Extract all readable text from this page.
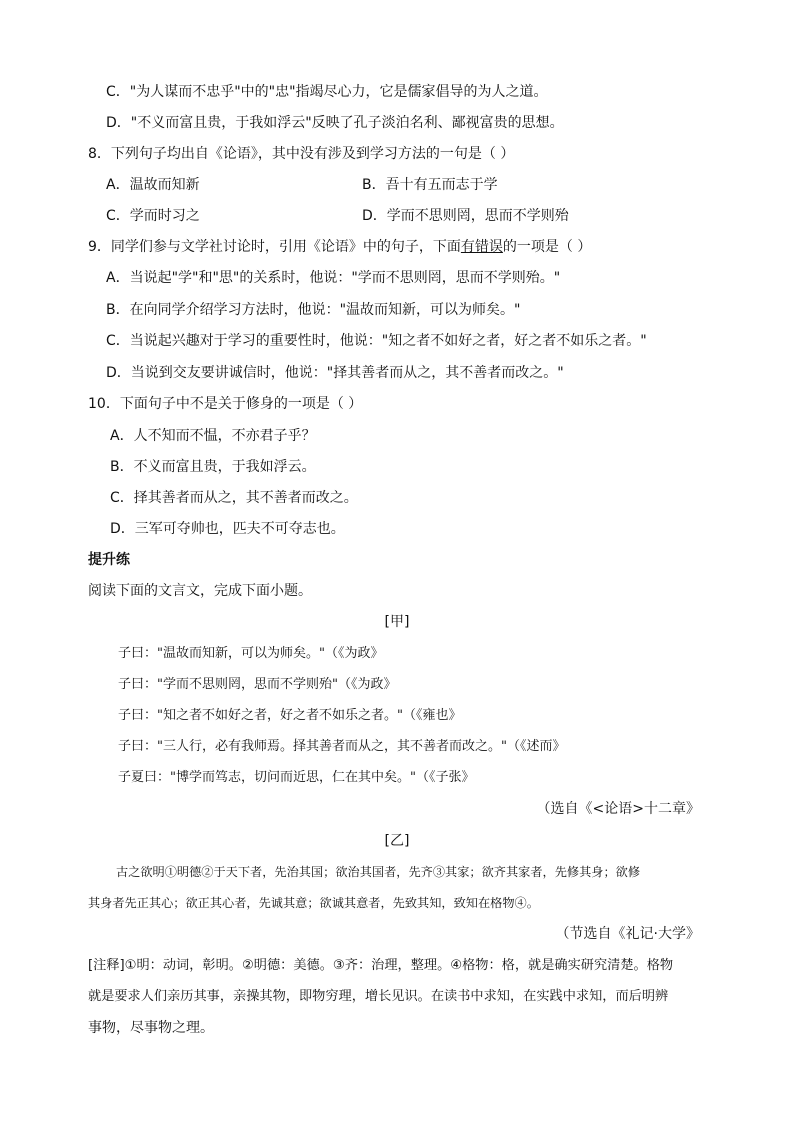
C．"为人谋而不忠乎"中的"忠"指竭尽心力，它是儒家倡导的为人之道。
D．"不义而富且贵，于我如浮云"反映了孔子淡泊名利、鄙视富贵的思想。
8．下列句子均出自《论语》，其中没有涉及到学习方法的一句是（ ）
A．温故而知新	B．吾十有五而志于学
C．学而时习之	D．学而不思则罔，思而不学则殆
9．同学们参与文学社讨论时，引用《论语》中的句子，下面有错误的一项是（ ）
A．当说起"学"和"思"的关系时，他说："学而不思则罔，思而不学则殆。"
B．在向同学介绍学习方法时，他说："温故而知新，可以为师矣。"
C．当说起兴趣对于学习的重要性时，他说："知之者不如好之者，好之者不如乐之者。"
D．当说到交友要讲诚信时，他说："择其善者而从之，其不善者而改之。"
10．下面句子中不是关于修身的一项是（ ）
A．人不知而不愠，不亦君子乎？
B．不义而富且贵，于我如浮云。
C．择其善者而从之，其不善者而改之。
D．三军可夺帅也，匹夫不可夺志也。
提升练
阅读下面的文言文，完成下面小题。
[甲]
子曰："温故而知新，可以为师矣。"（《为政》
子曰："学而不思则罔，思而不学则殆"（《为政》
子曰："知之者不如好之者，好之者不如乐之者。"（《雍也》
子曰："三人行，必有我师焉。择其善者而从之，其不善者而改之。"（《述而》
子夏曰："博学而笃志，切问而近思，仁在其中矣。"（《子张》
（选自《<论语>十二章》
[乙]
古之欲明①明德②于天下者，先治其国；欲治其国者，先齐③其家；欲齐其家者，先修其身；欲修
其身者先正其心；欲正其心者，先诚其意；欲诚其意者，先致其知，致知在格物④。
（节选自《礼记·大学》
[注释]①明：动词，彰明。②明德：美德。③齐：治理，整理。④格物：格，就是确实研究清楚。格物
就是要求人们亲历其事，亲操其物，即物穷理，增长见识。在读书中求知，在实践中求知，而后明辨
事物，尽事物之理。
